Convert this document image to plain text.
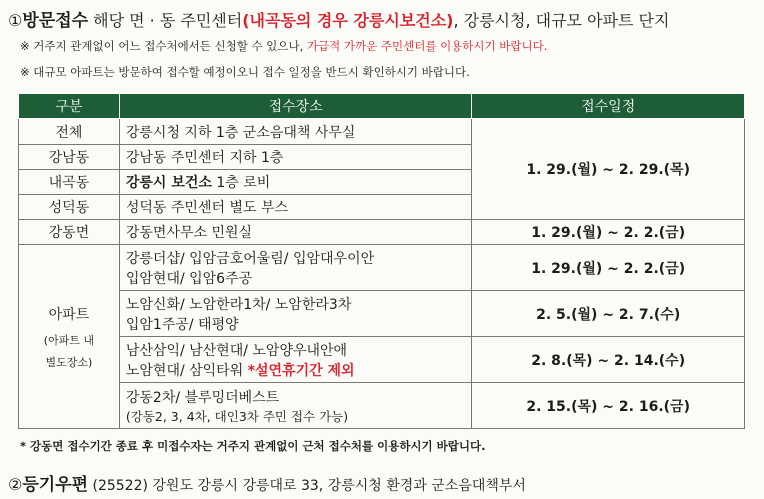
①방문접수 해당 면 · 동 주민센터(내곡동의 경우 강릉시보건소), 강릉시청, 대규모 아파트 단지
※ 거주지 관계없이 어느 접수처에서든 신청할 수 있으나, 가급적 가까운 주민센터를 이용하시기 바랍니다.
※ 대규모 아파트는 방문하여 접수할 예정이오니 접수 일정을 반드시 확인하시기 바랍니다.
구분	접수장소	접수일정
전체	강릉시청 지하 1층 군소음대책 사무실	1. 29.(월) ~ 2. 29.(목)
강남동	강남동 주민센터 지하 1층	
내곡동	강릉시 보건소 1층 로비	
성덕동	성덕동 주민센터 별도 부스	
강동면	강동면사무소 민원실	1. 29.(월) ~ 2. 2.(금)

아파트
(아파트 내
별도장소)	강릉더샵/ 입암금호어울림/ 입암대우이안
입암현대/ 입암6주공	1. 29.(월) ~ 2. 2.(금)

	노암신화/ 노암한라1차/ 노암한라3차
입암1주공/ 태평양	2. 5.(월) ~ 2. 7.(수)

	남산삼익/ 남산현대/ 노암양우내안애
노암현대/ 삼익타워 *설연휴기간 제외	2. 8.(목) ~ 2. 14.(수)

	강동2차/ 블루밍더베스트
(강동2, 3, 4차, 대인3차 주민 접수 가능)	2. 15.(목) ~ 2. 16.(금)
* 강동면 접수기간 종료 후 미접수자는 거주지 관계없이 근처 접수처를 이용하시기 바랍니다.
②등기우편 (25522) 강원도 강릉시 강릉대로 33, 강릉시청 환경과 군소음대책부서
